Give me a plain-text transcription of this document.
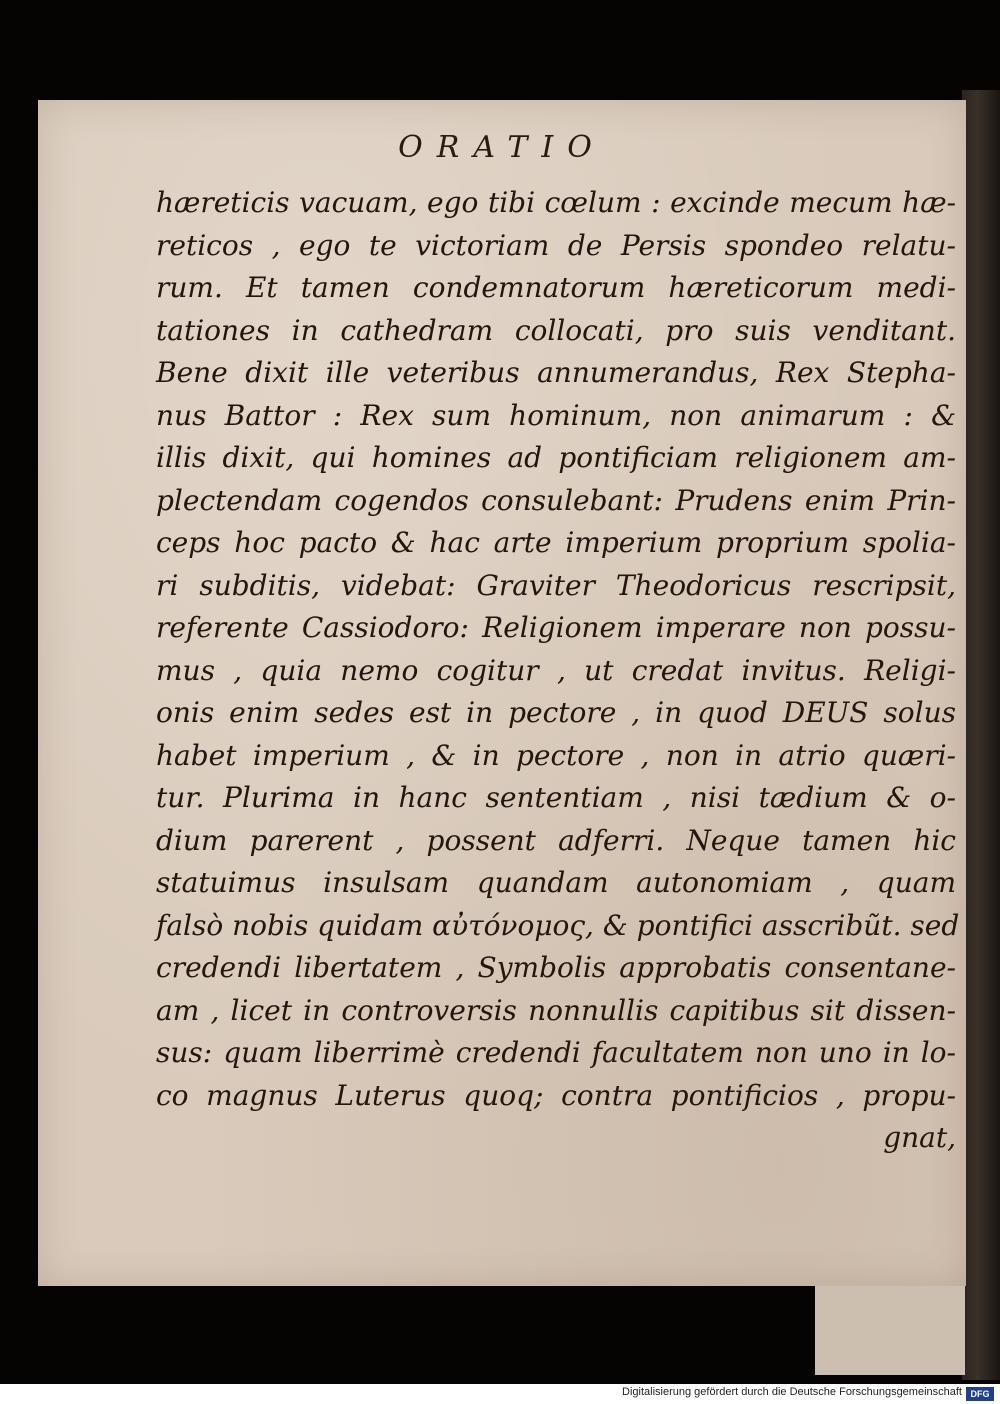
ORATIO
hæreticis vacuam, ego tibi cœlum : excinde mecum hæ-
reticos , ego te victoriam de Persis spondeo relatu-
rum. Et tamen condemnatorum hæreticorum medi-
tationes in cathedram collocati, pro suis venditant.
Bene dixit ille veteribus annumerandus, Rex Stepha-
nus Battor : Rex sum hominum, non animarum : &
illis dixit, qui homines ad pontificiam religionem am-
plectendam cogendos consulebant: Prudens enim Prin-
ceps hoc pacto & hac arte imperium proprium spolia-
ri subditis, videbat: Graviter Theodoricus rescripsit,
referente Cassiodoro: Religionem imperare non possu-
mus , quia nemo cogitur , ut credat invitus. Religi-
onis enim sedes est in pectore , in quod DEUS solus
habet imperium , & in pectore , non in atrio quæri-
tur. Plurima in hanc sententiam , nisi tædium & o-
dium parerent , possent adferri. Neque tamen hic
statuimus insulsam quandam autonomiam , quam
falsò nobis quidam αὐτόνομος, & pontifici asscribũt. sed
credendi libertatem , Symbolis approbatis consentane-
am , licet in controversis nonnullis capitibus sit dissen-
sus: quam liberrimè credendi facultatem non uno in lo-
co magnus Luterus quoq; contra pontificios , propu-
gnat,
Digitalisierung gefördert durch die Deutsche Forschungsgemeinschaft DFG
